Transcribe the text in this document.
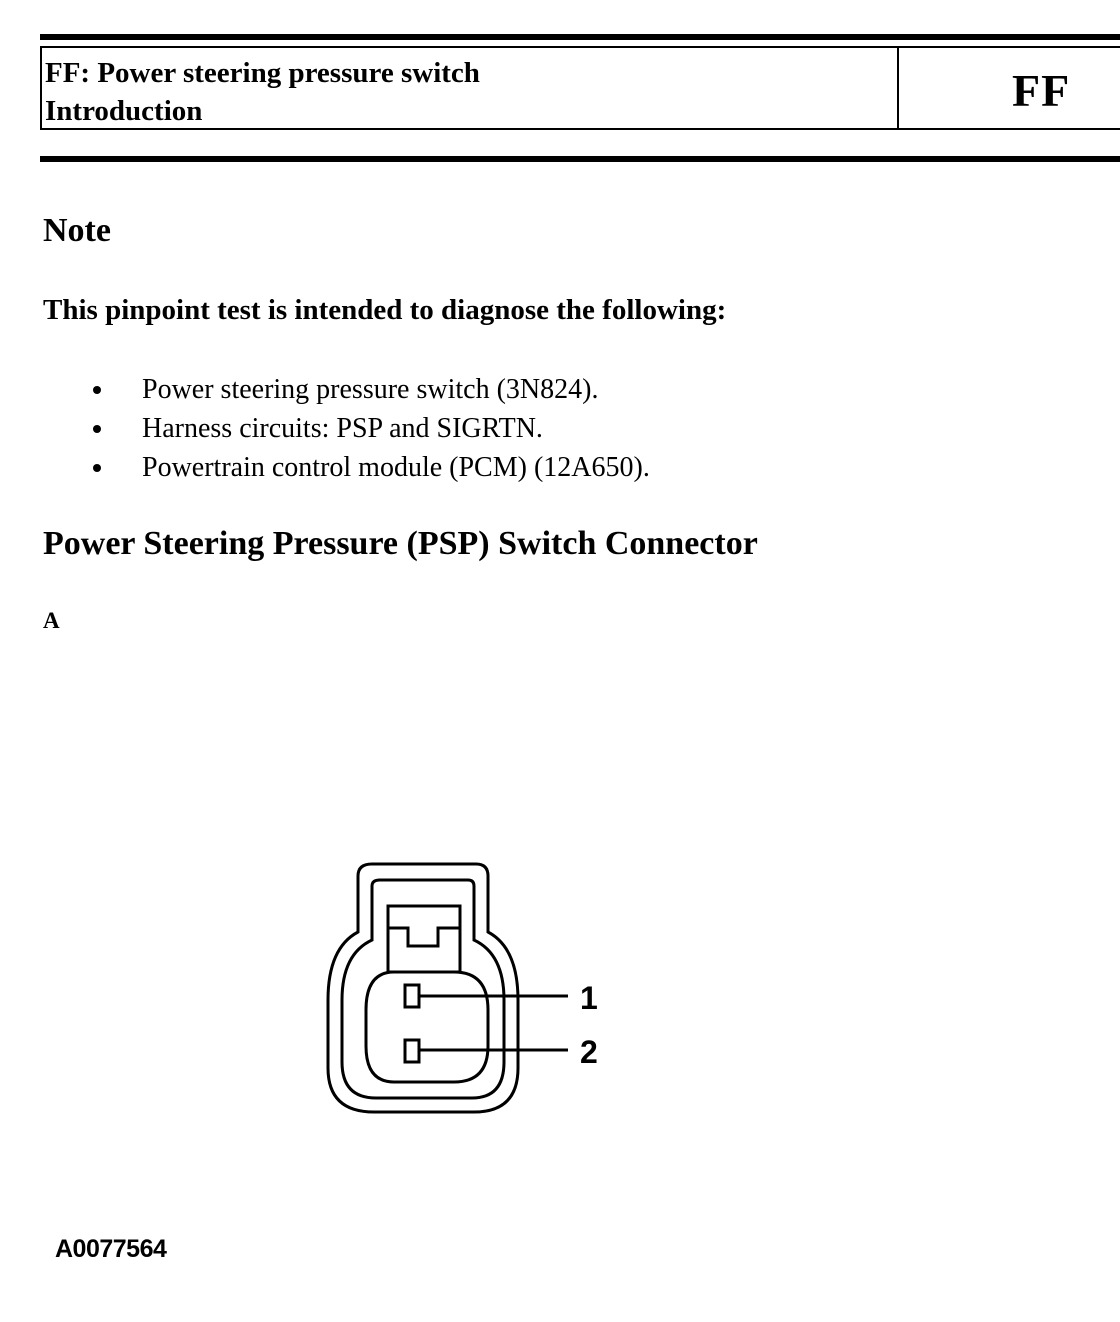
FF: Power steering pressure switch
Introduction	FF
Note

This pinpoint test is intended to diagnose the following:

Power steering pressure switch (3N824).
Harness circuits: PSP and SIGRTN.
Powertrain control module (PCM) (12A650).
Power Steering Pressure (PSP) Switch Connector
A
1
2
A0077564
